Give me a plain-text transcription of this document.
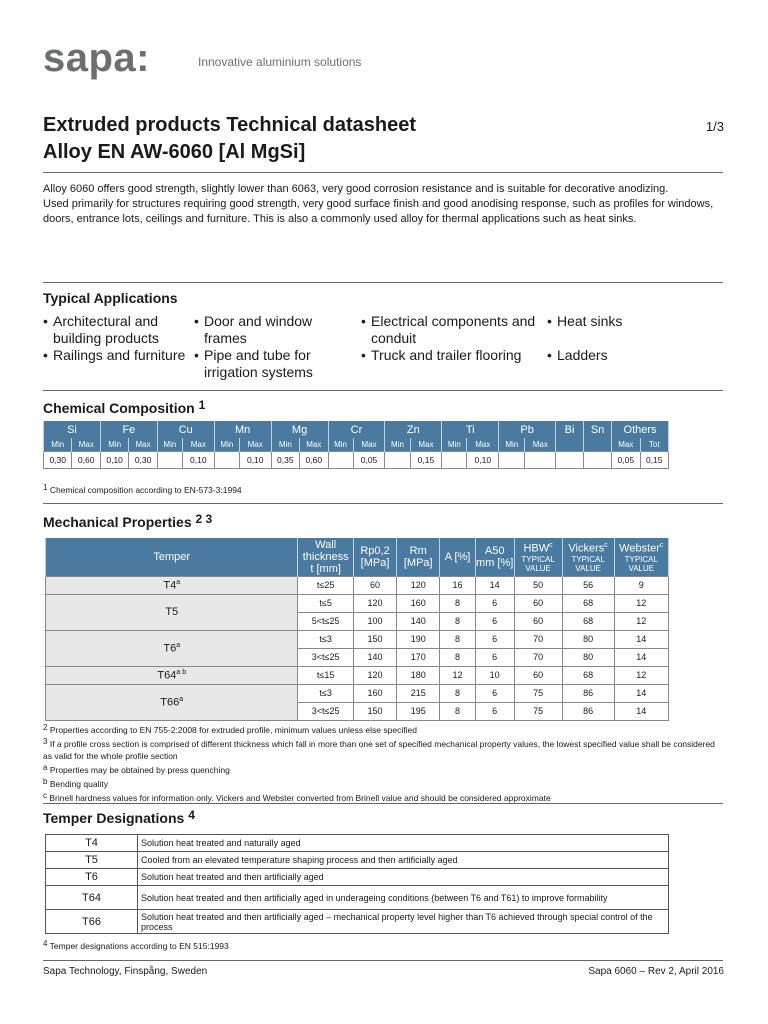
sapa:	Innovative aluminium solutions
Extruded products Technical datasheet
Alloy EN AW-6060 [Al MgSi]
1/3

Alloy 6060 offers good strength, slightly lower than 6063, very good corrosion resistance and is suitable for decorative anodizing.

Used primarily for structures requiring good strength, very good surface finish and good anodising response, such as profiles for windows, doors, entrance lots, ceilings and furniture. This is also a commonly used alloy for thermal applications such as heat sinks.

Typical Applications
• Architectural and building products
• Railings and furniture
• Door and window frames
• Pipe and tube for irrigation systems
• Electrical components and conduit
• Truck and trailer flooring
• Heat sinks
• Ladders
Chemical Composition $^1$
Si		Fe		Cu		Mn		Mg		Cr		Zn		Ti		Pb		Bi	Sn	Others	
Min	Max	Min	Max	Min	Max	Min	Max	Min	Max	Min	Max	Min	Max	Min	Max	Min	Max			Max	Tot
0,30	0,60	0,10	0,30		0,10		0,10	0,35	0,60		0,05		0,15		0,10					0,05	0,15
$^1$ Chemical composition according to EN-573-3:1994
Mechanical Properties $^{2 3}$
Temper	Wall
thickness
t [mm]	Rp0,2 [MPa]	Rm [MPa]	A [%]	A50 mm [%]	HBW$^c$
TYPICAL
VALUE	Vickers$^c$
TYPICAL
VALUE	Webster$^c$
TYPICAL
VALUE

T4$^a$	t≤25	60	120	16	14	50	56	9
T5	t≤5	120	160	8	6	60	68	12
	5<t≤25	100	140	8	6	60	68	12
T6$^a$	t≤3	150	190	8	6	70	80	14
	3<t≤25	140	170	8	6	70	80	14
$T64^{a b}$	t≤15	120	180	12	10	60	68	12
T66$^a$	t≤3	160	215	8	6	75	86	14
	3<t≤25	150	195	8	6	75	86	14
$^2$ Properties according to EN 755-2:2008 for extruded profile, minimum values unless else specified
$^3$ If a profile cross section is comprised of different thickness which fall in more than one set of specified mechanical property values, the lowest specified value shall be considered as valid for the whole profile section
$^a$ Properties may be obtained by press quenching
$^b$ Bending quality
$^c$ Brinell hardness values for information only. Vickers and Webster converted from Brinell value and should be considered approximate
Temper Designations $^4$
T4	Solution heat treated and naturally aged
T5	Cooled from an elevated temperature shaping process and then artificially aged
T6	Solution heat treated and then artificially aged
T64	Solution heat treated and then artificially aged in underageing conditions (between T6 and T61) to improve formability
T66	Solution heat treated and then artificially aged – mechanical property level higher than T6 achieved through special control of the process
$^4$ Temper designations according to EN 515:1993
Sapa Technology, Finspång, Sweden	Sapa 6060 – Rev 2, April 2016
